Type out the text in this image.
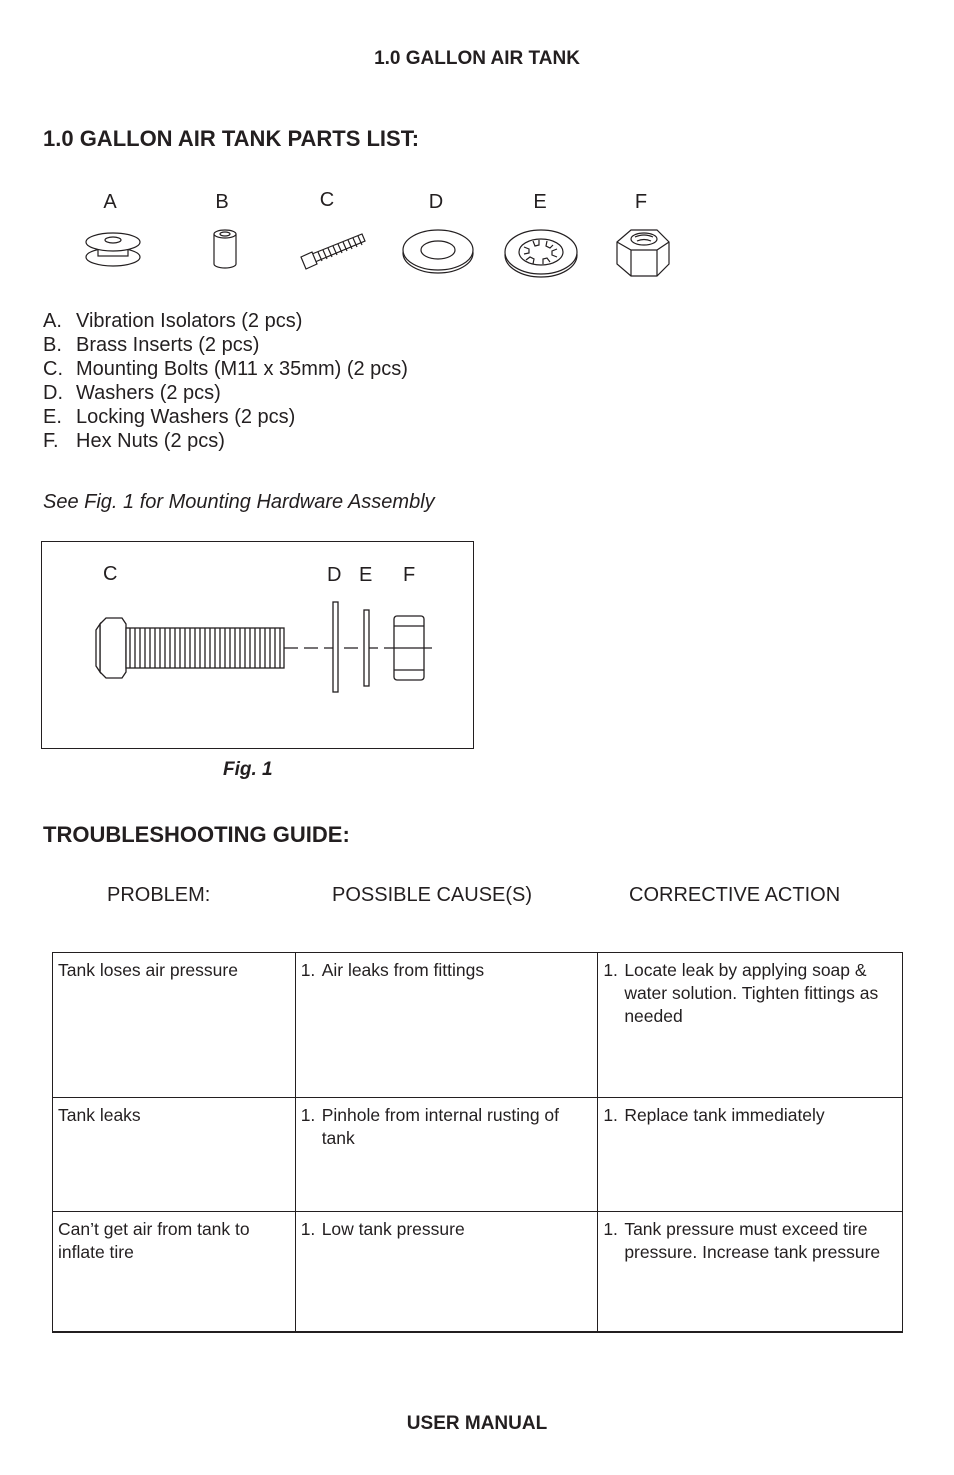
1.0 GALLON AIR TANK
1.0 GALLON AIR TANK PARTS LIST:
A	B	C	D	E	F
A. Vibration Isolators (2 pcs)
B. Brass Inserts (2 pcs)
C. Mounting Bolts (M11 x 35mm) (2 pcs)
D. Washers (2 pcs)
E. Locking Washers (2 pcs)
F. Hex Nuts (2 pcs)
See Fig. 1 for Mounting Hardware Assembly
C	D E F
Fig. 1
TROUBLESHOOTING GUIDE:
PROBLEM:	POSSIBLE CAUSE(S)	CORRECTIVE ACTION
Tank loses air pressure	1. Air leaks from fittings	1. Locate leak by applying soap & water solution. Tighten fittings as needed

Tank leaks	1. Pinhole from internal rusting of tank	1. Replace tank immediately

Can’t get air from tank to inflate tire	1. Low tank pressure	1. Tank pressure must exceed tire pressure. Increase tank pressure
USER MANUAL
